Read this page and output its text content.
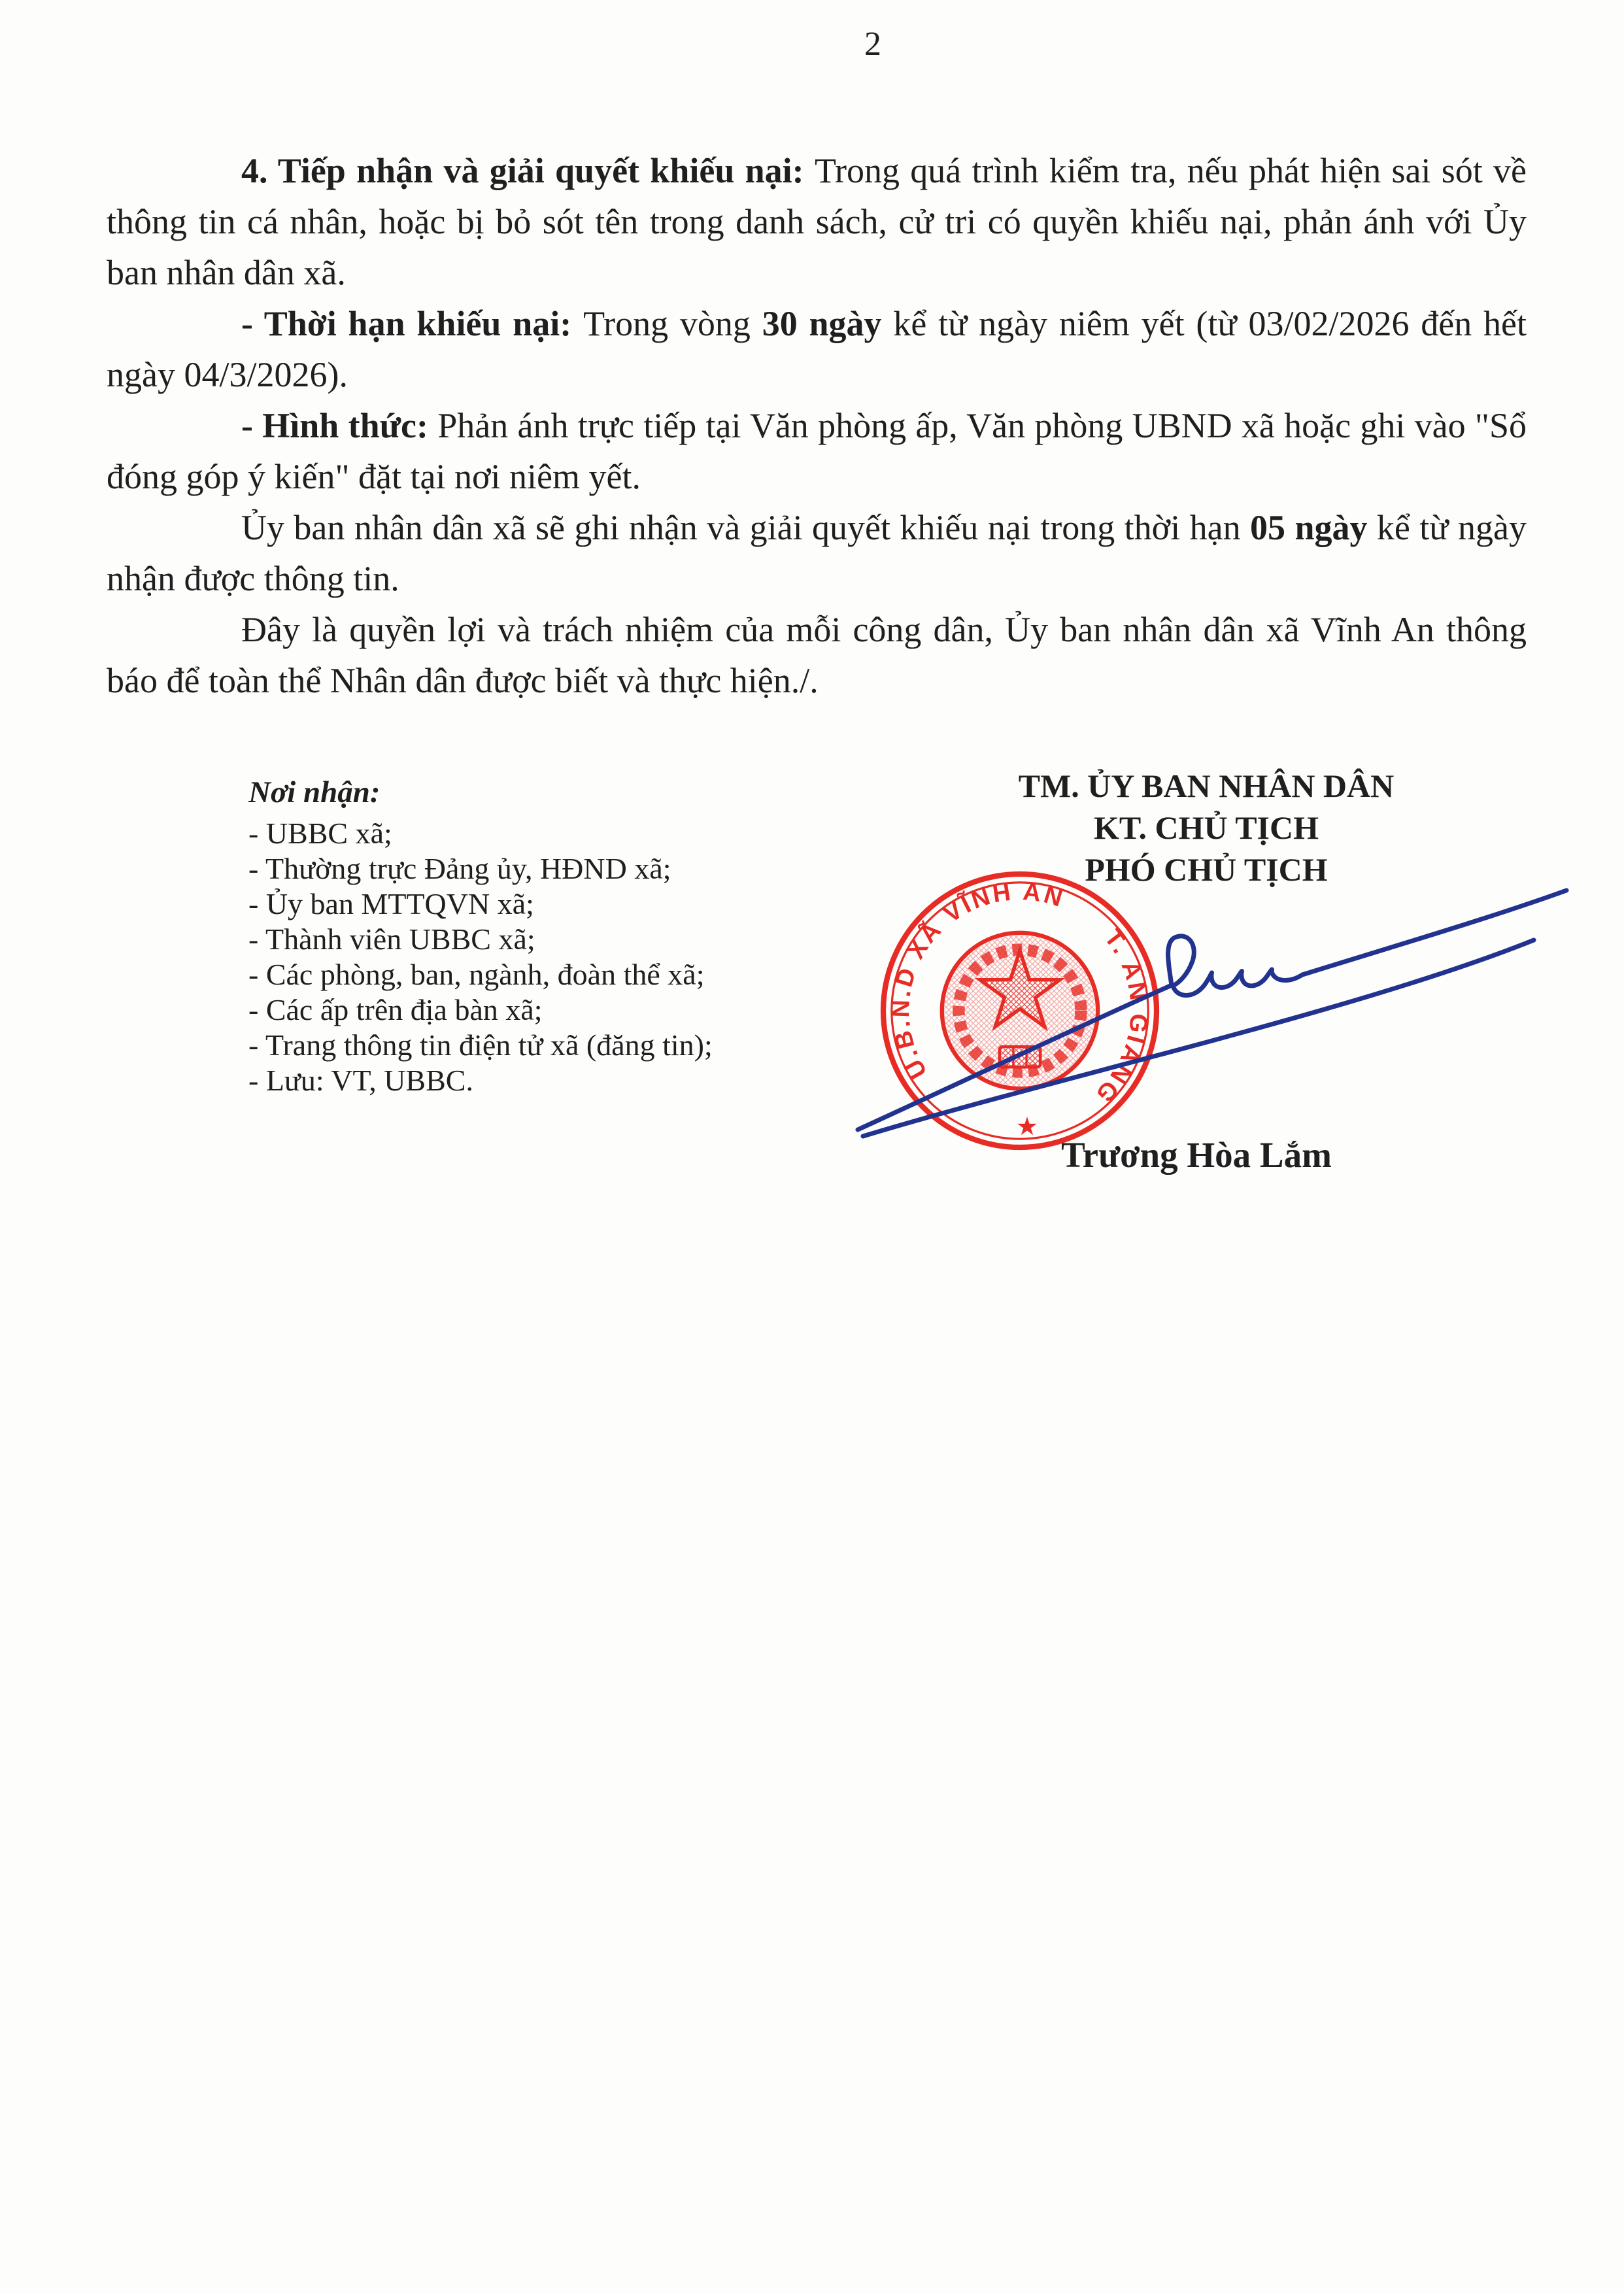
2

4. Tiếp nhận và giải quyết khiếu nại: Trong quá trình kiểm tra, nếu phát hiện sai sót về thông tin cá nhân, hoặc bị bỏ sót tên trong danh sách, cử tri có quyền khiếu nại, phản ánh với Ủy ban nhân dân xã.

- Thời hạn khiếu nại: Trong vòng 30 ngày kể từ ngày niêm yết (từ 03/02/2026 đến hết ngày 04/3/2026).

- Hình thức: Phản ánh trực tiếp tại Văn phòng ấp, Văn phòng UBND xã hoặc ghi vào "Sổ đóng góp ý kiến" đặt tại nơi niêm yết.

Ủy ban nhân dân xã sẽ ghi nhận và giải quyết khiếu nại trong thời hạn 05 ngày kể từ ngày nhận được thông tin.

Đây là quyền lợi và trách nhiệm của mỗi công dân, Ủy ban nhân dân xã Vĩnh An thông báo để toàn thể Nhân dân được biết và thực hiện./.

Nơi nhận:
- UBBC xã;
- Thường trực Đảng ủy, HĐND xã;
- Ủy ban MTTQVN xã;
- Thành viên UBBC xã;
- Các phòng, ban, ngành, đoàn thể xã;
- Các ấp trên địa bàn xã;
- Trang thông tin điện tử xã (đăng tin);
- Lưu: VT, UBBC.
TM. ỦY BAN NHÂN DÂN
KT. CHỦ TỊCH
PHÓ CHỦ TỊCH
U.B.N.D XÃ VĨNH AN
T. AN GIANG
★
Trương Hòa Lắm
